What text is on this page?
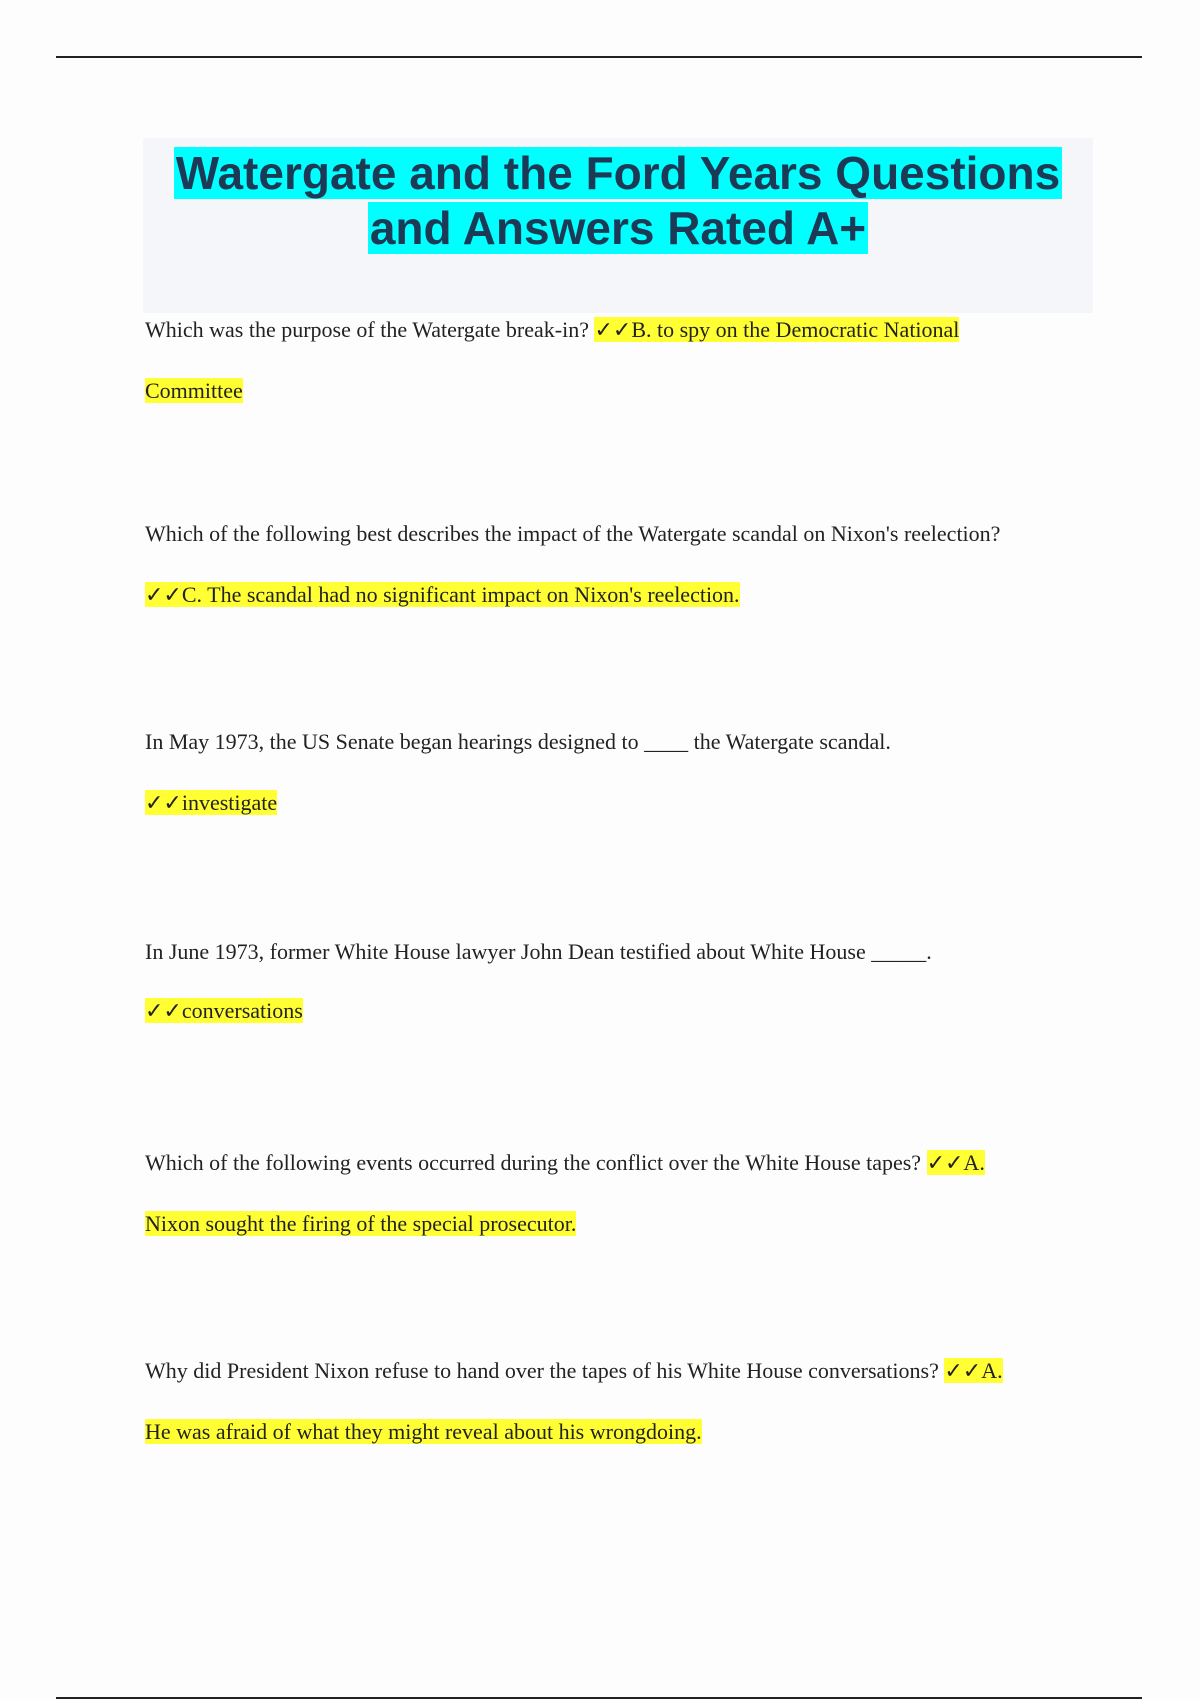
Watergate and the Ford Years Questions
and Answers Rated A+
Which was the purpose of the Watergate break-in? ✓✓B. to spy on the Democratic National
Committee
Which of the following best describes the impact of the Watergate scandal on Nixon's reelection?
✓✓C. The scandal had no significant impact on Nixon's reelection.
In May 1973, the US Senate began hearings designed to ____ the Watergate scandal.
✓✓investigate
In June 1973, former White House lawyer John Dean testified about White House _____.
✓✓conversations
Which of the following events occurred during the conflict over the White House tapes? ✓✓A.
Nixon sought the firing of the special prosecutor.
Why did President Nixon refuse to hand over the tapes of his White House conversations? ✓✓A.
He was afraid of what they might reveal about his wrongdoing.
